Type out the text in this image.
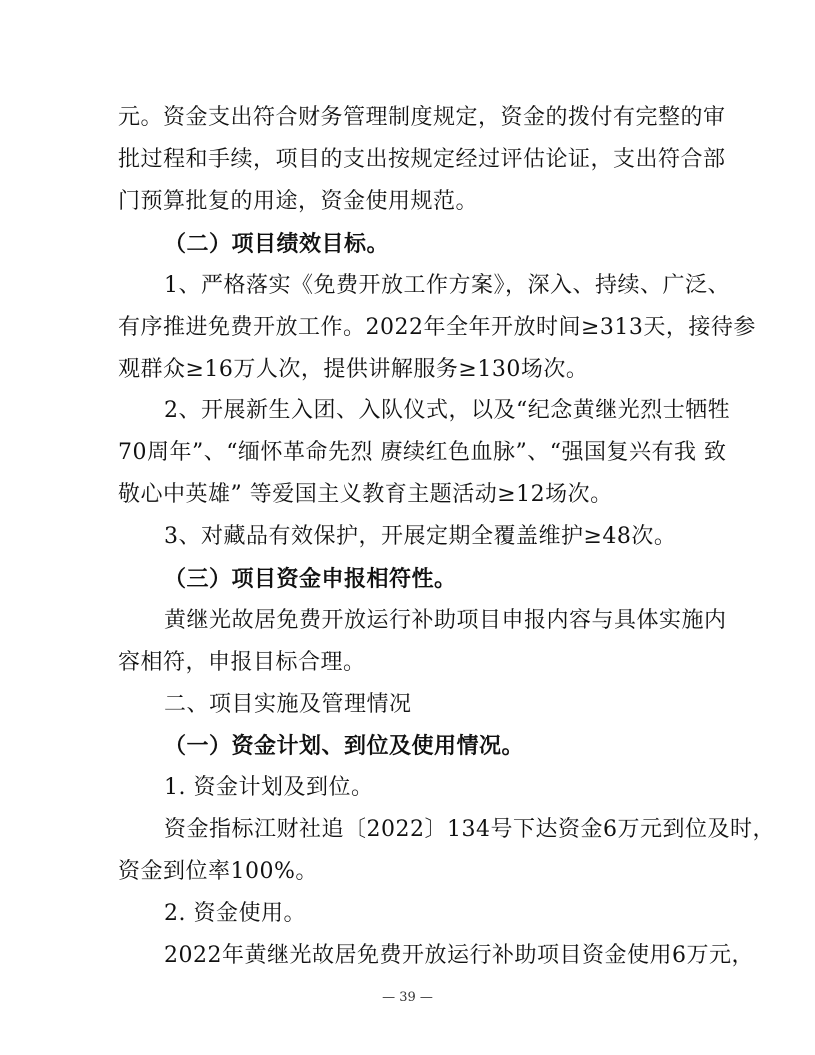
元。资金支出符合财务管理制度规定，资金的拨付有完整的审
批过程和手续，项目的支出按规定经过评估论证，支出符合部
门预算批复的用途，资金使用规范。
（二）项目绩效目标。
1、严格落实《免费开放工作方案》，深入、持续、广泛、
有序推进免费开放工作。2022年全年开放时间≥313天，接待参
观群众≥16万人次，提供讲解服务≥130场次。
2、开展新生入团、入队仪式，以及“纪念黄继光烈士牺牲
70周年”、“缅怀革命先烈 赓续红色血脉”、“强国复兴有我 致
敬心中英雄” 等爱国主义教育主题活动≥12场次。
3、对藏品有效保护，开展定期全覆盖维护≥48次。
（三）项目资金申报相符性。
黄继光故居免费开放运行补助项目申报内容与具体实施内
容相符，申报目标合理。
二、项目实施及管理情况
（一）资金计划、到位及使用情况。
1. 资金计划及到位。
资金指标江财社追〔2022〕134号下达资金6万元到位及时，
资金到位率100%。
2. 资金使用。
2022年黄继光故居免费开放运行补助项目资金使用6万元，
— 39 —
